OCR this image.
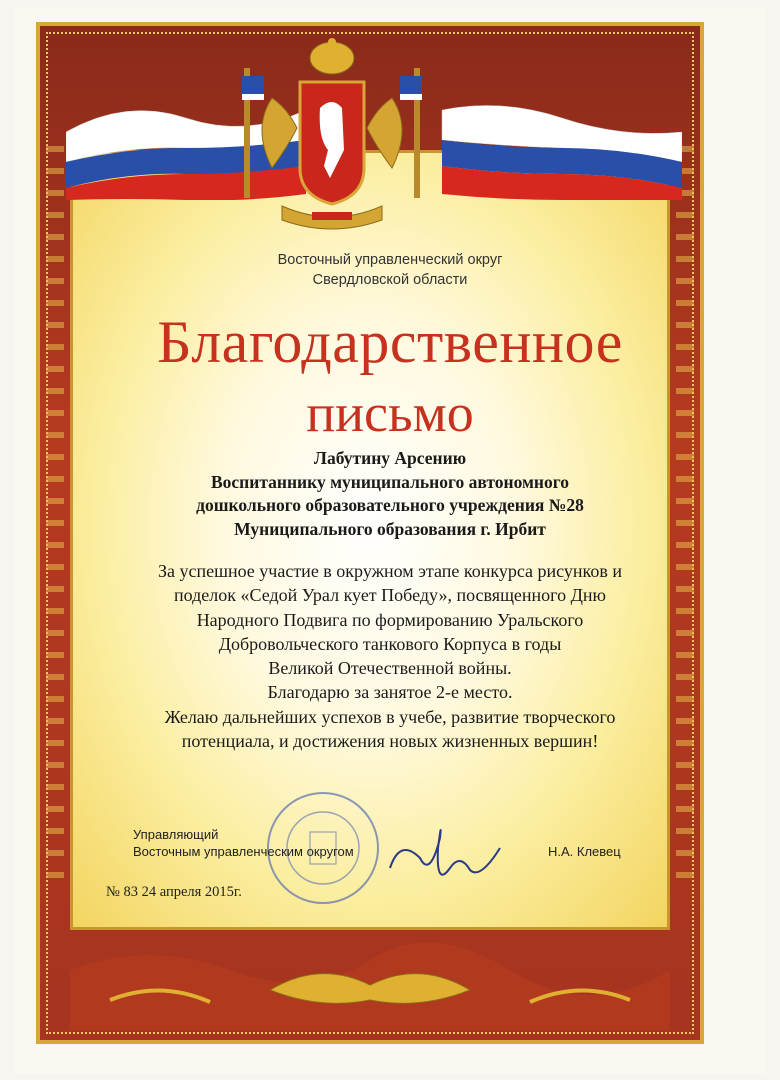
Восточный управленческий округ
Свердловской области
Благодарственное
письмо
Лабутину Арсению
Воспитаннику муниципального автономного
дошкольного образовательного учреждения №28
Муниципального образования г. Ирбит
За успешное участие в окружном этапе конкурса рисунков и
поделок «Седой Урал кует Победу», посвященного Дню
Народного Подвига по формированию Уральского
Добровольческого танкового Корпуса в годы
Великой Отечественной войны.
Благодарю за занятое 2-е место.
Желаю дальнейших успехов в учебе, развитие творческого
потенциала, и достижения новых жизненных вершин!
Управляющий
Восточным управленческим округом	Н.А. Клевец
№ 83 24 апреля 2015г.
